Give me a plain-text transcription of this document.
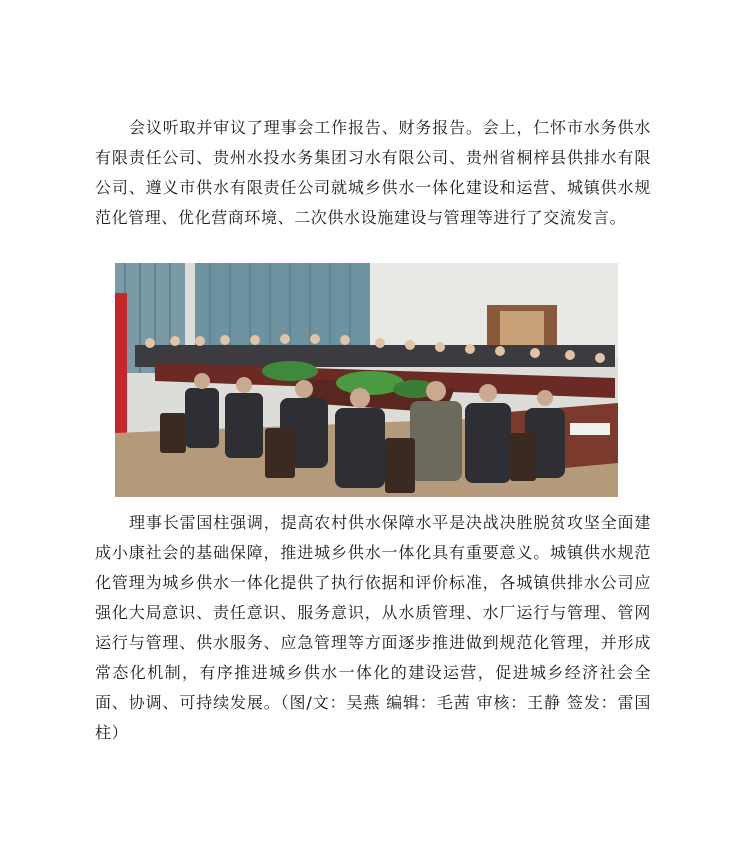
会议听取并审议了理事会工作报告、财务报告。会上，仁怀市水务供水有限责任公司、贵州水投水务集团习水有限公司、贵州省桐梓县供排水有限公司、遵义市供水有限责任公司就城乡供水一体化建设和运营、城镇供水规范化管理、优化营商环境、二次供水设施建设与管理等进行了交流发言。

理事长雷国柱强调，提高农村供水保障水平是决战决胜脱贫攻坚全面建成小康社会的基础保障，推进城乡供水一体化具有重要意义。城镇供水规范化管理为城乡供水一体化提供了执行依据和评价标准，各城镇供排水公司应强化大局意识、责任意识、服务意识，从水质管理、水厂运行与管理、管网运行与管理、供水服务、应急管理等方面逐步推进做到规范化管理，并形成常态化机制，有序推进城乡供水一体化的建设运营，促进城乡经济社会全面、协调、可持续发展。（图/文：吴燕 编辑：毛茜 审核：王静 签发：雷国柱）
